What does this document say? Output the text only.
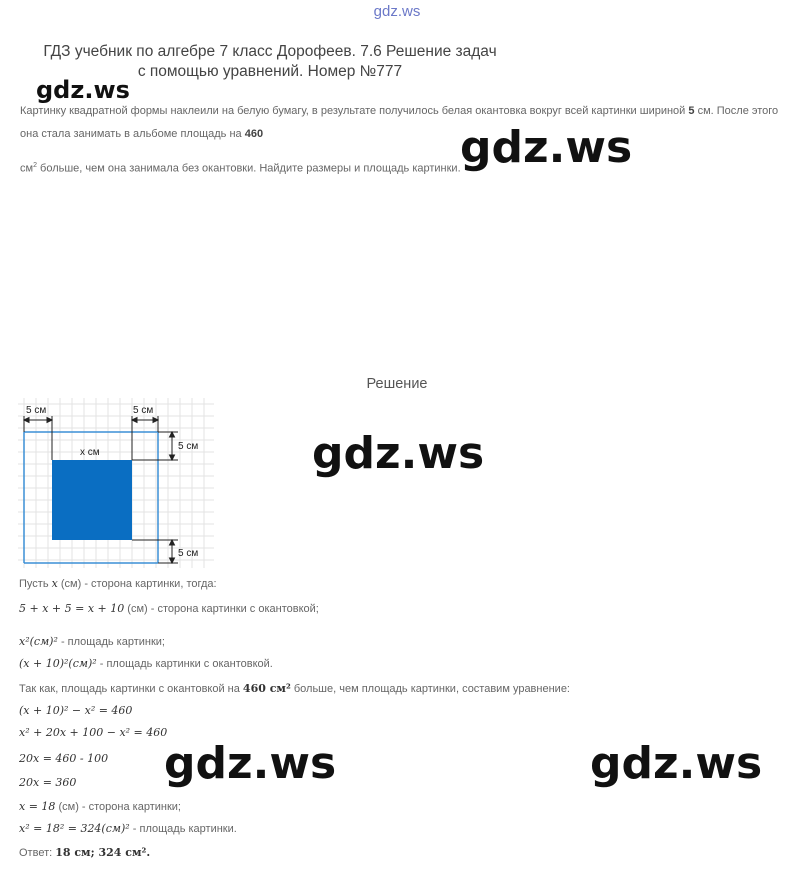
gdz.ws
ГДЗ учебник по алгебре 7 класс Дорофеев. 7.6 Решение задач
с помощью уравнений. Номер №777
gdz.ws
gdz.ws
gdz.ws
gdz.ws	gdz.ws
Картинку квадратной формы наклеили на белую бумагу, в результате получилось белая окантовка вокруг всей картинки шириной 5 см. После этого
она стала занимать в альбоме площадь на 460
$см^2$ больше, чем она занимала без окантовки. Найдите размеры и площадь картинки.
Решение
5 см	5 см
5 см
5 см
x см
Пусть x (см) - сторона картинки, тогда:
5 + x + 5 = x + 10 (см) - сторона картинки с окантовкой;
x²(см)² - площадь картинки;
(x + 10)²(см)² - площадь картинки с окантовкой.
Так как, площадь картинки с окантовкой на 460 см² больше, чем площадь картинки, составим уравнение:
(x + 10)² − x² = 460
x² + 20x + 100 − x² = 460
20x = 460 - 100
20x = 360
x = 18 (см) - сторона картинки;
x² = 18² = 324(см)² - площадь картинки.
Ответ: 18 см; 324 см².
